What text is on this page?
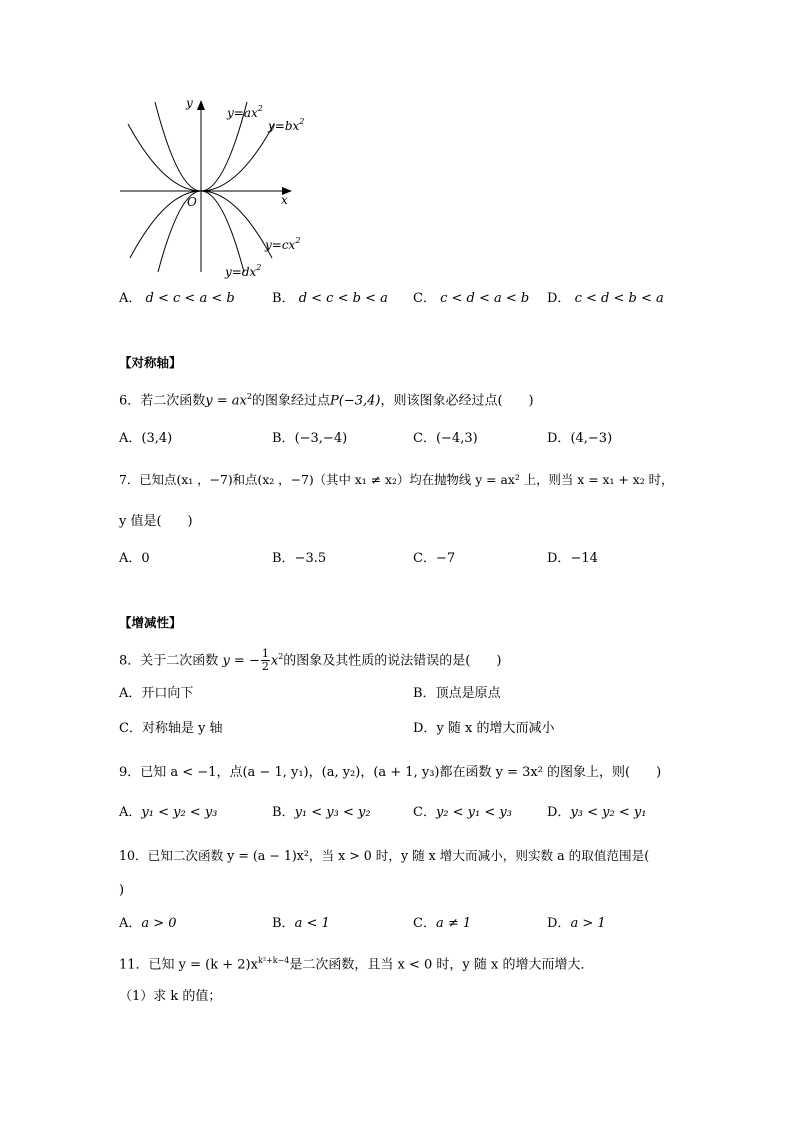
y
x
O
$y=ax^2$
$y=bx^2$
$y=cx^2$
$y=dx^2$
A． d < c < a < b	B． d < c < b < a C． c < d < a < b D． c < d < b < a
【对称轴】
6．若二次函数$y = ax^2$的图象经过点P(−3,4)，则该图象必经过点(　　)
A．(3,4)	B．(−3,−4)	C．(−4,3)	D．(4,−3)
7．已知点(x₁ ，−7)和点(x₂ ，−7)（其中 x₁ ≠ x₂）均在抛物线 y = ax² 上，则当 x = x₁ + x₂ 时，
y 值是(　　)
A．0	B．−3.5	C．−7	D．−14
【增减性】
8．关于二次函数 y = − $\frac{1}{2} x^2$的图象及其性质的说法错误的是(　　)
A．开口向下	B．顶点是原点
C．对称轴是 y 轴	D．y 随 x 的增大而减小
9．已知 a < −1，点(a − 1, y₁)，(a, y₂)，(a + 1, y₃)都在函数 y = 3x² 的图象上，则(　　)
A．y₁ < y₂ < y₃	B．y₁ < y₃ < y₂	C．y₂ < y₁ < y₃	D．y₃ < y₂ < y₁
10．已知二次函数 y = (a − 1)x²，当 x > 0 时，y 随 x 增大而减小，则实数 a 的取值范围是(
)
A．a > 0	B．a < 1	C．a ≠ 1	D．a > 1
11．已知 $y = (k + 2)x^{k^2+k-4}$是二次函数，且当 x < 0 时，y 随 x 的增大而增大．
（1）求 k 的值；
